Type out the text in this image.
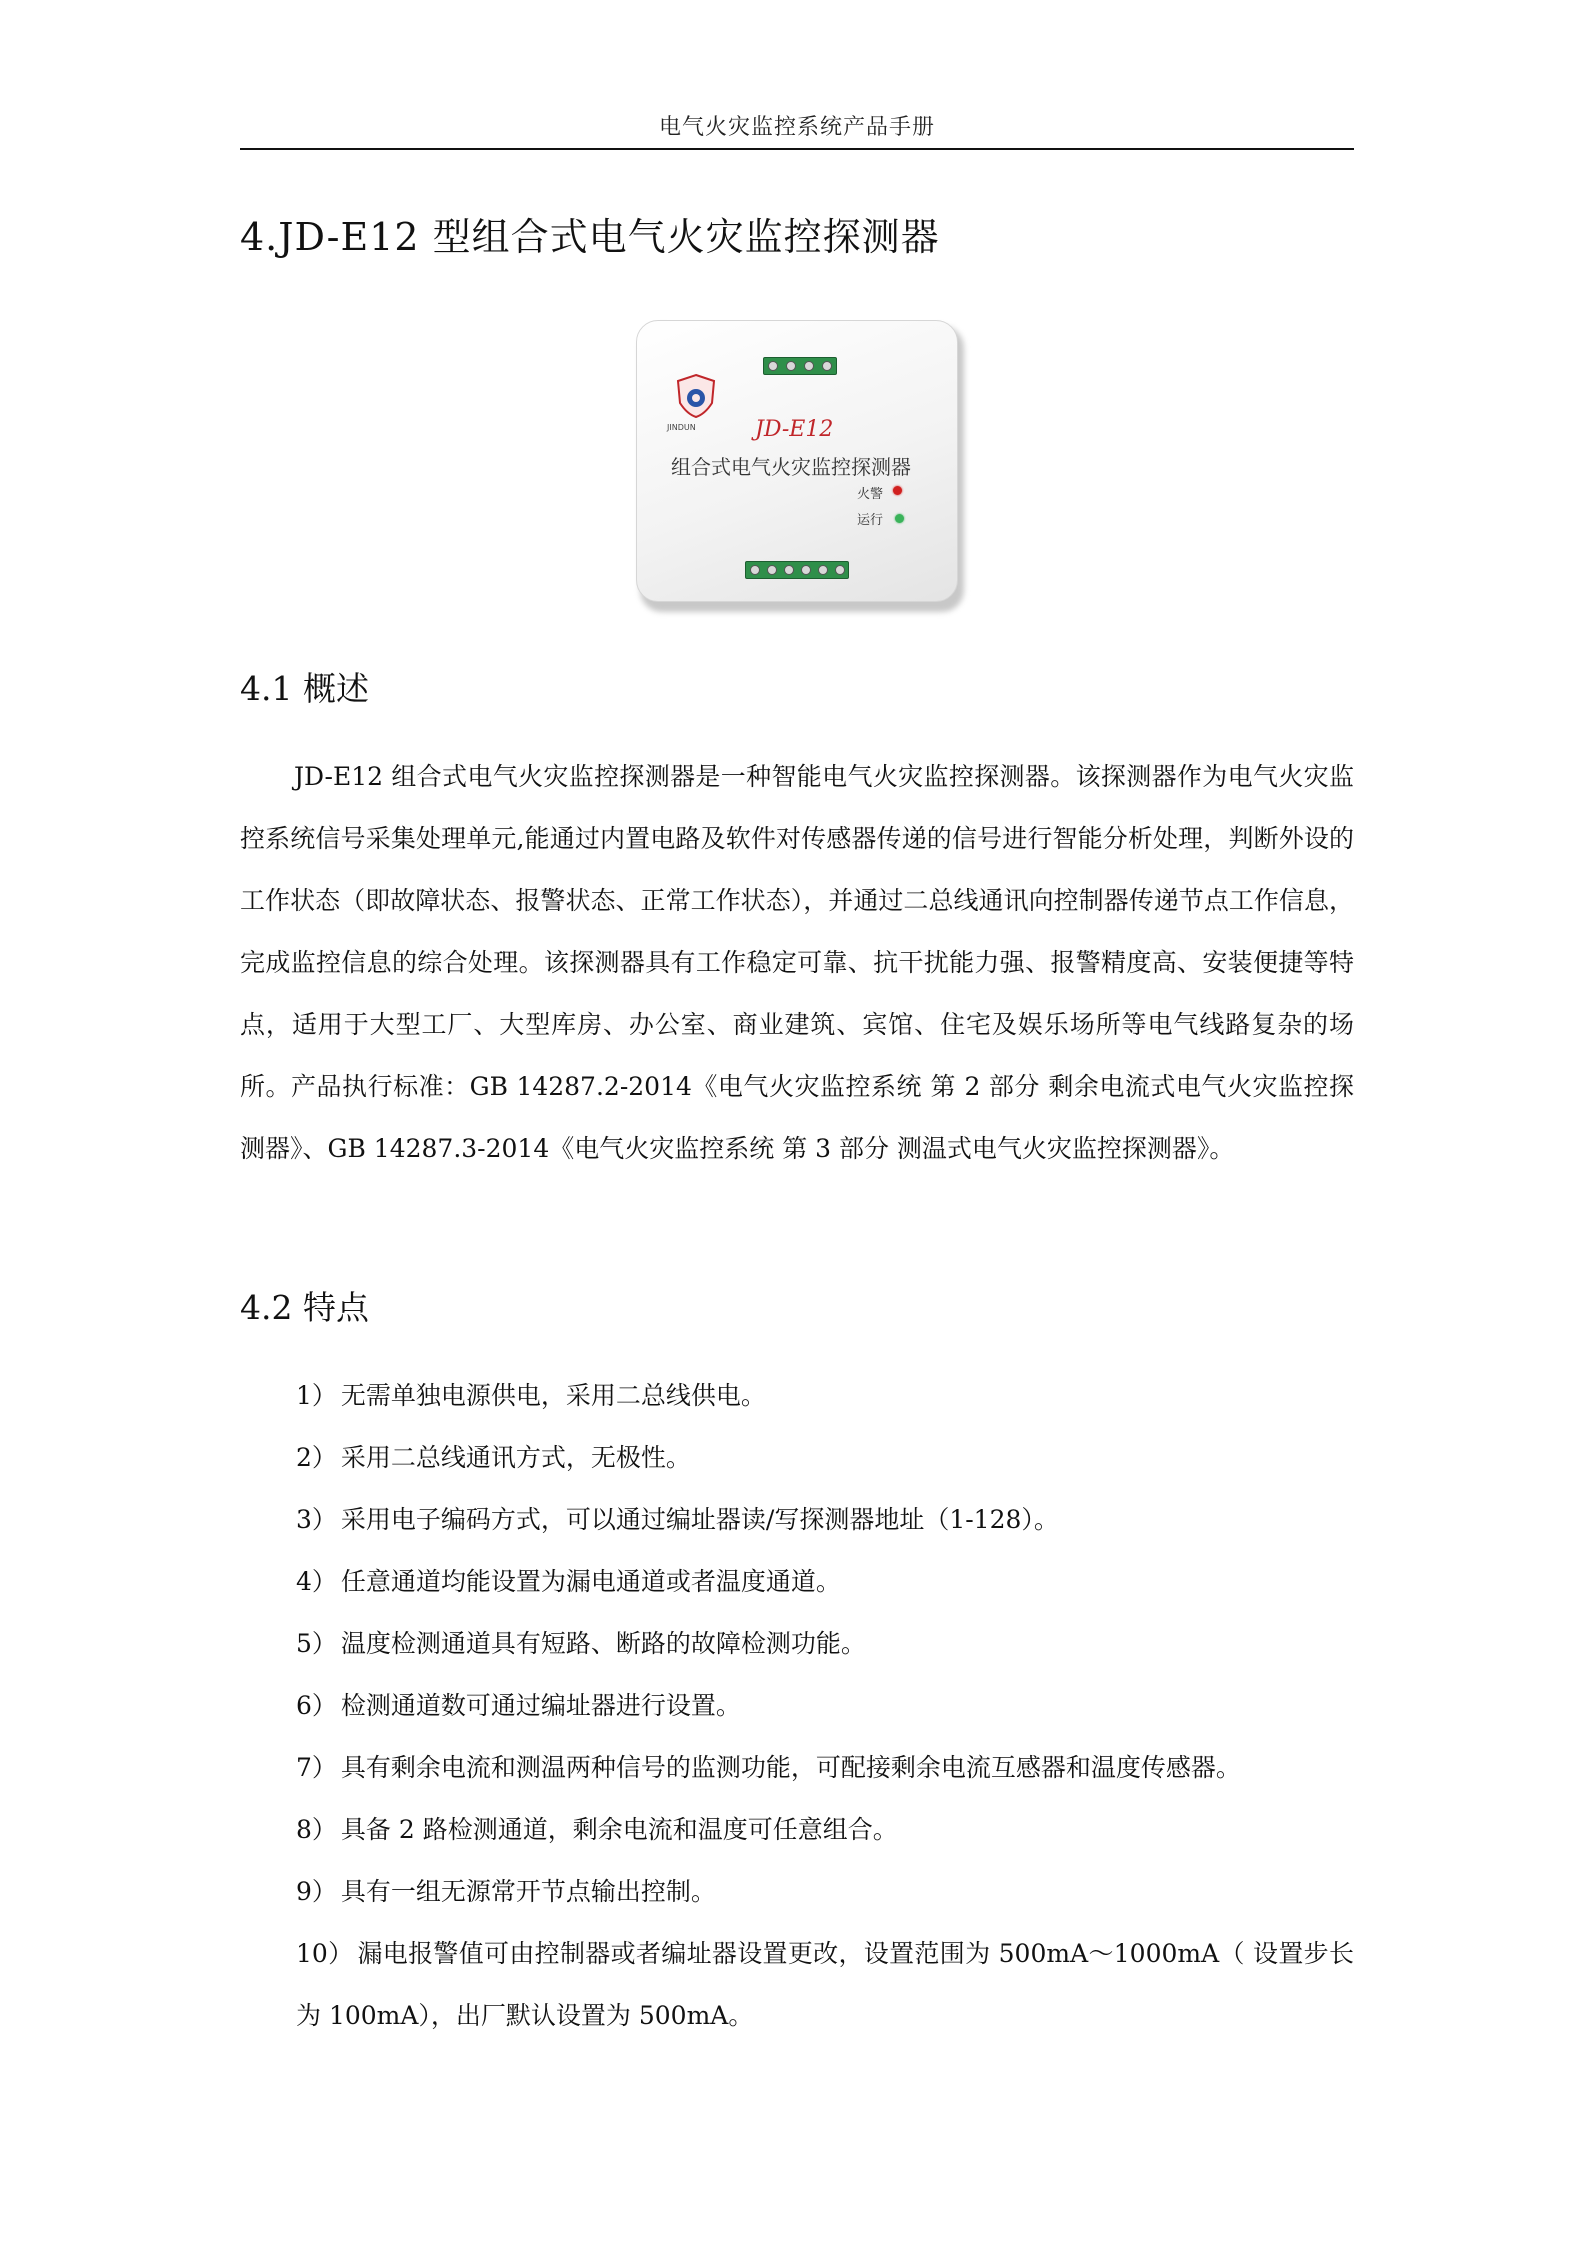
电气火灾监控系统产品手册
4.JD-E12 型组合式电气火灾监控探测器
JINDUN	JD-E12
组合式电气火灾监控探测器
火警
运行
4.1 概述

JD-E12 组合式电气火灾监控探测器是一种智能电气火灾监控探测器。该探测器作为电气火灾监控系统信号采集处理单元,能通过内置电路及软件对传感器传递的信号进行智能分析处理，判断外设的工作状态（即故障状态、报警状态、正常工作状态），并通过二总线通讯向控制器传递节点工作信息，完成监控信息的综合处理。该探测器具有工作稳定可靠、抗干扰能力强、报警精度高、安装便捷等特点，适用于大型工厂、大型库房、办公室、商业建筑、宾馆、住宅及娱乐场所等电气线路复杂的场所。产品执行标准：GB 14287.2-2014《电气火灾监控系统 第 2 部分 剩余电流式电气火灾监控探测器》、GB 14287.3-2014《电气火灾监控系统 第 3 部分 测温式电气火灾监控探测器》。

4.2 特点
1） 无需单独电源供电，采用二总线供电。
2） 采用二总线通讯方式，无极性。
3） 采用电子编码方式，可以通过编址器读/写探测器地址（1-128）。
4） 任意通道均能设置为漏电通道或者温度通道。
5） 温度检测通道具有短路、断路的故障检测功能。
6） 检测通道数可通过编址器进行设置。
7） 具有剩余电流和测温两种信号的监测功能，可配接剩余电流互感器和温度传感器。
8） 具备 2 路检测通道，剩余电流和温度可任意组合。
9） 具有一组无源常开节点输出控制。
10） 漏电报警值可由控制器或者编址器设置更改，设置范围为 500mA～1000mA（ 设置步长为 100mA），出厂默认设置为 500mA。
